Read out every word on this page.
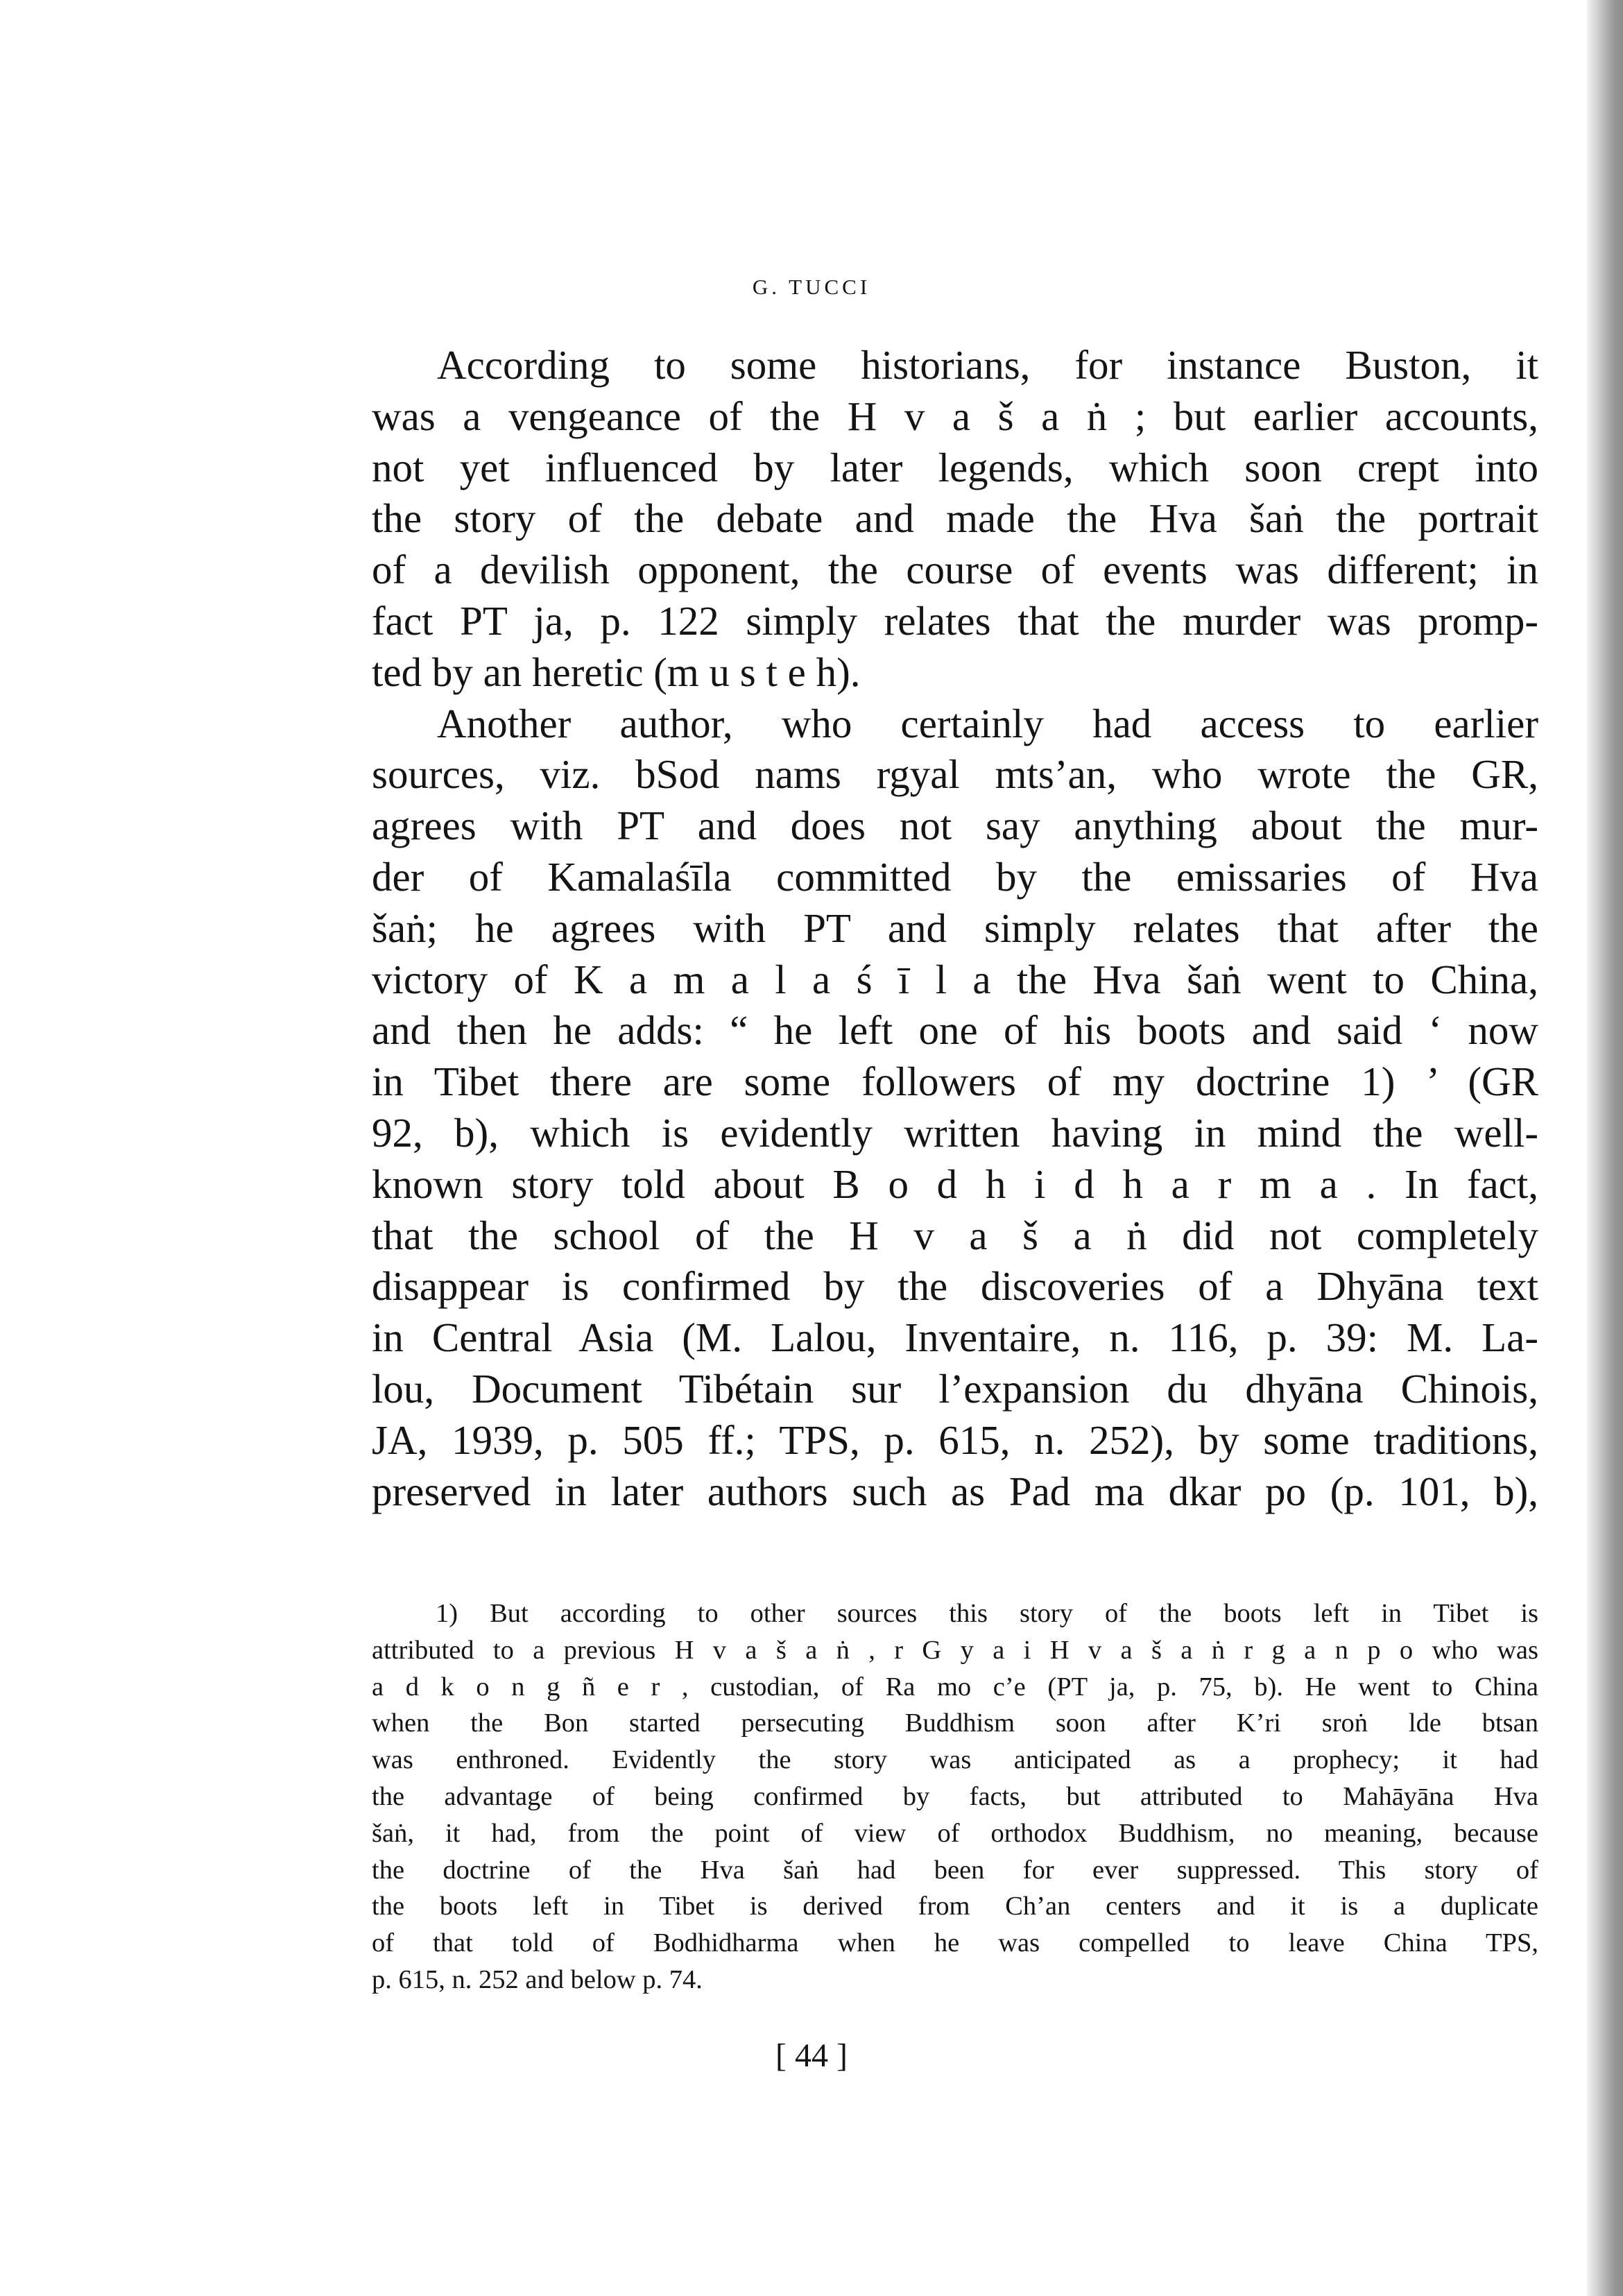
G. TUCCI
According to some historians, for instance Buston, it
was a vengeance of the H v a š a ṅ ; but earlier accounts,
not yet influenced by later legends, which soon crept into
the story of the debate and made the Hva šaṅ the portrait
of a devilish opponent, the course of events was different; in
fact PT ja, p. 122 simply relates that the murder was promp-
ted by an heretic (m u s t e h).
Another author, who certainly had access to earlier
sources, viz. bSod nams rgyal mts’an, who wrote the GR,
agrees with PT and does not say anything about the mur-
der of Kamalaśīla committed by the emissaries of Hva
šaṅ; he agrees with PT and simply relates that after the
victory of K a m a l a ś ī l a the Hva šaṅ went to China,
and then he adds: “ he left one of his boots and said ‘ now
in Tibet there are some followers of my doctrine 1) ’ (GR
92, b), which is evidently written having in mind the well-
known story told about B o d h i d h a r m a . In fact,
that the school of the H v a š a ṅ did not completely
disappear is confirmed by the discoveries of a Dhyāna text
in Central Asia (M. Lalou, Inventaire, n. 116, p. 39: M. La-
lou, Document Tibétain sur l’expansion du dhyāna Chinois,
JA, 1939, p. 505 ff.; TPS, p. 615, n. 252), by some traditions,
preserved in later authors such as Pad ma dkar po (p. 101, b),
1) But according to other sources this story of the boots left in Tibet is
attributed to a previous H v a š a ṅ , r G y a i H v a š a ṅ r g a n p o who was
a d k o n g ñ e r , custodian, of Ra mo c’e (PT ja, p. 75, b). He went to China
when the Bon started persecuting Buddhism soon after K’ri sroṅ lde btsan
was enthroned. Evidently the story was anticipated as a prophecy; it had
the advantage of being confirmed by facts, but attributed to Mahāyāna Hva
šaṅ, it had, from the point of view of orthodox Buddhism, no meaning, because
the doctrine of the Hva šaṅ had been for ever suppressed. This story of
the boots left in Tibet is derived from Ch’an centers and it is a duplicate
of that told of Bodhidharma when he was compelled to leave China TPS,
p. 615, n. 252 and below p. 74.
[ 44 ]
